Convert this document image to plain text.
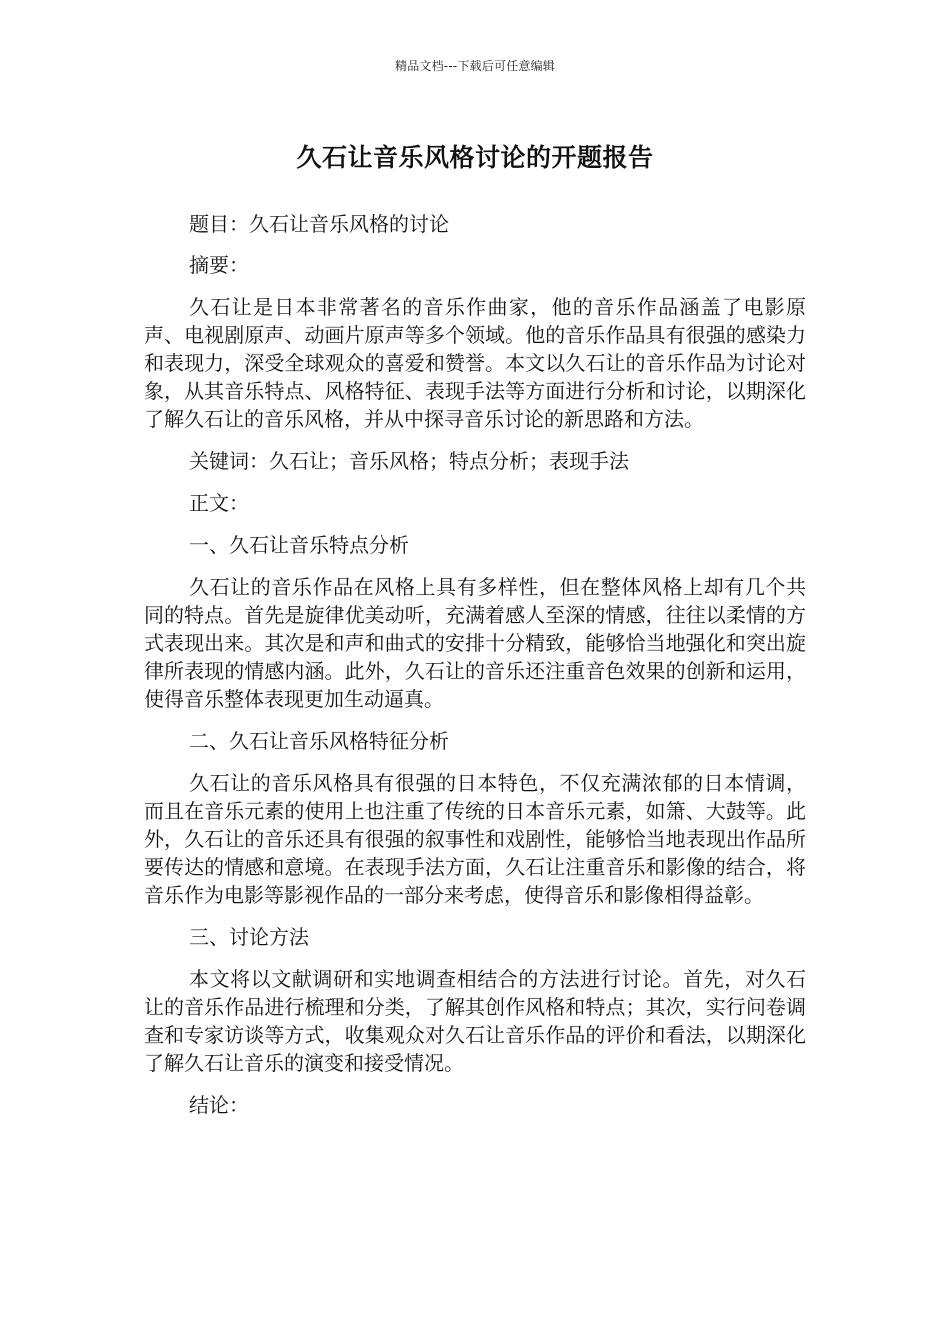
精品文档---下载后可任意编辑
久石让音乐风格讨论的开题报告

题目：久石让音乐风格的讨论

摘要：

久石让是日本非常著名的音乐作曲家，他的音乐作品涵盖了电影原声、电视剧原声、动画片原声等多个领域。他的音乐作品具有很强的感染力和表现力，深受全球观众的喜爱和赞誉。本文以久石让的音乐作品为讨论对象，从其音乐特点、风格特征、表现手法等方面进行分析和讨论，以期深化了解久石让的音乐风格，并从中探寻音乐讨论的新思路和方法。

关键词：久石让；音乐风格；特点分析；表现手法

正文：

一、久石让音乐特点分析

久石让的音乐作品在风格上具有多样性，但在整体风格上却有几个共同的特点。首先是旋律优美动听，充满着感人至深的情感，往往以柔情的方式表现出来。其次是和声和曲式的安排十分精致，能够恰当地强化和突出旋律所表现的情感内涵。此外，久石让的音乐还注重音色效果的创新和运用，使得音乐整体表现更加生动逼真。

二、久石让音乐风格特征分析

久石让的音乐风格具有很强的日本特色，不仅充满浓郁的日本情调，而且在音乐元素的使用上也注重了传统的日本音乐元素，如箫、大鼓等。此外，久石让的音乐还具有很强的叙事性和戏剧性，能够恰当地表现出作品所要传达的情感和意境。在表现手法方面，久石让注重音乐和影像的结合，将音乐作为电影等影视作品的一部分来考虑，使得音乐和影像相得益彰。

三、讨论方法

本文将以文献调研和实地调查相结合的方法进行讨论。首先，对久石让的音乐作品进行梳理和分类，了解其创作风格和特点；其次，实行问卷调查和专家访谈等方式，收集观众对久石让音乐作品的评价和看法，以期深化了解久石让音乐的演变和接受情况。

结论：
